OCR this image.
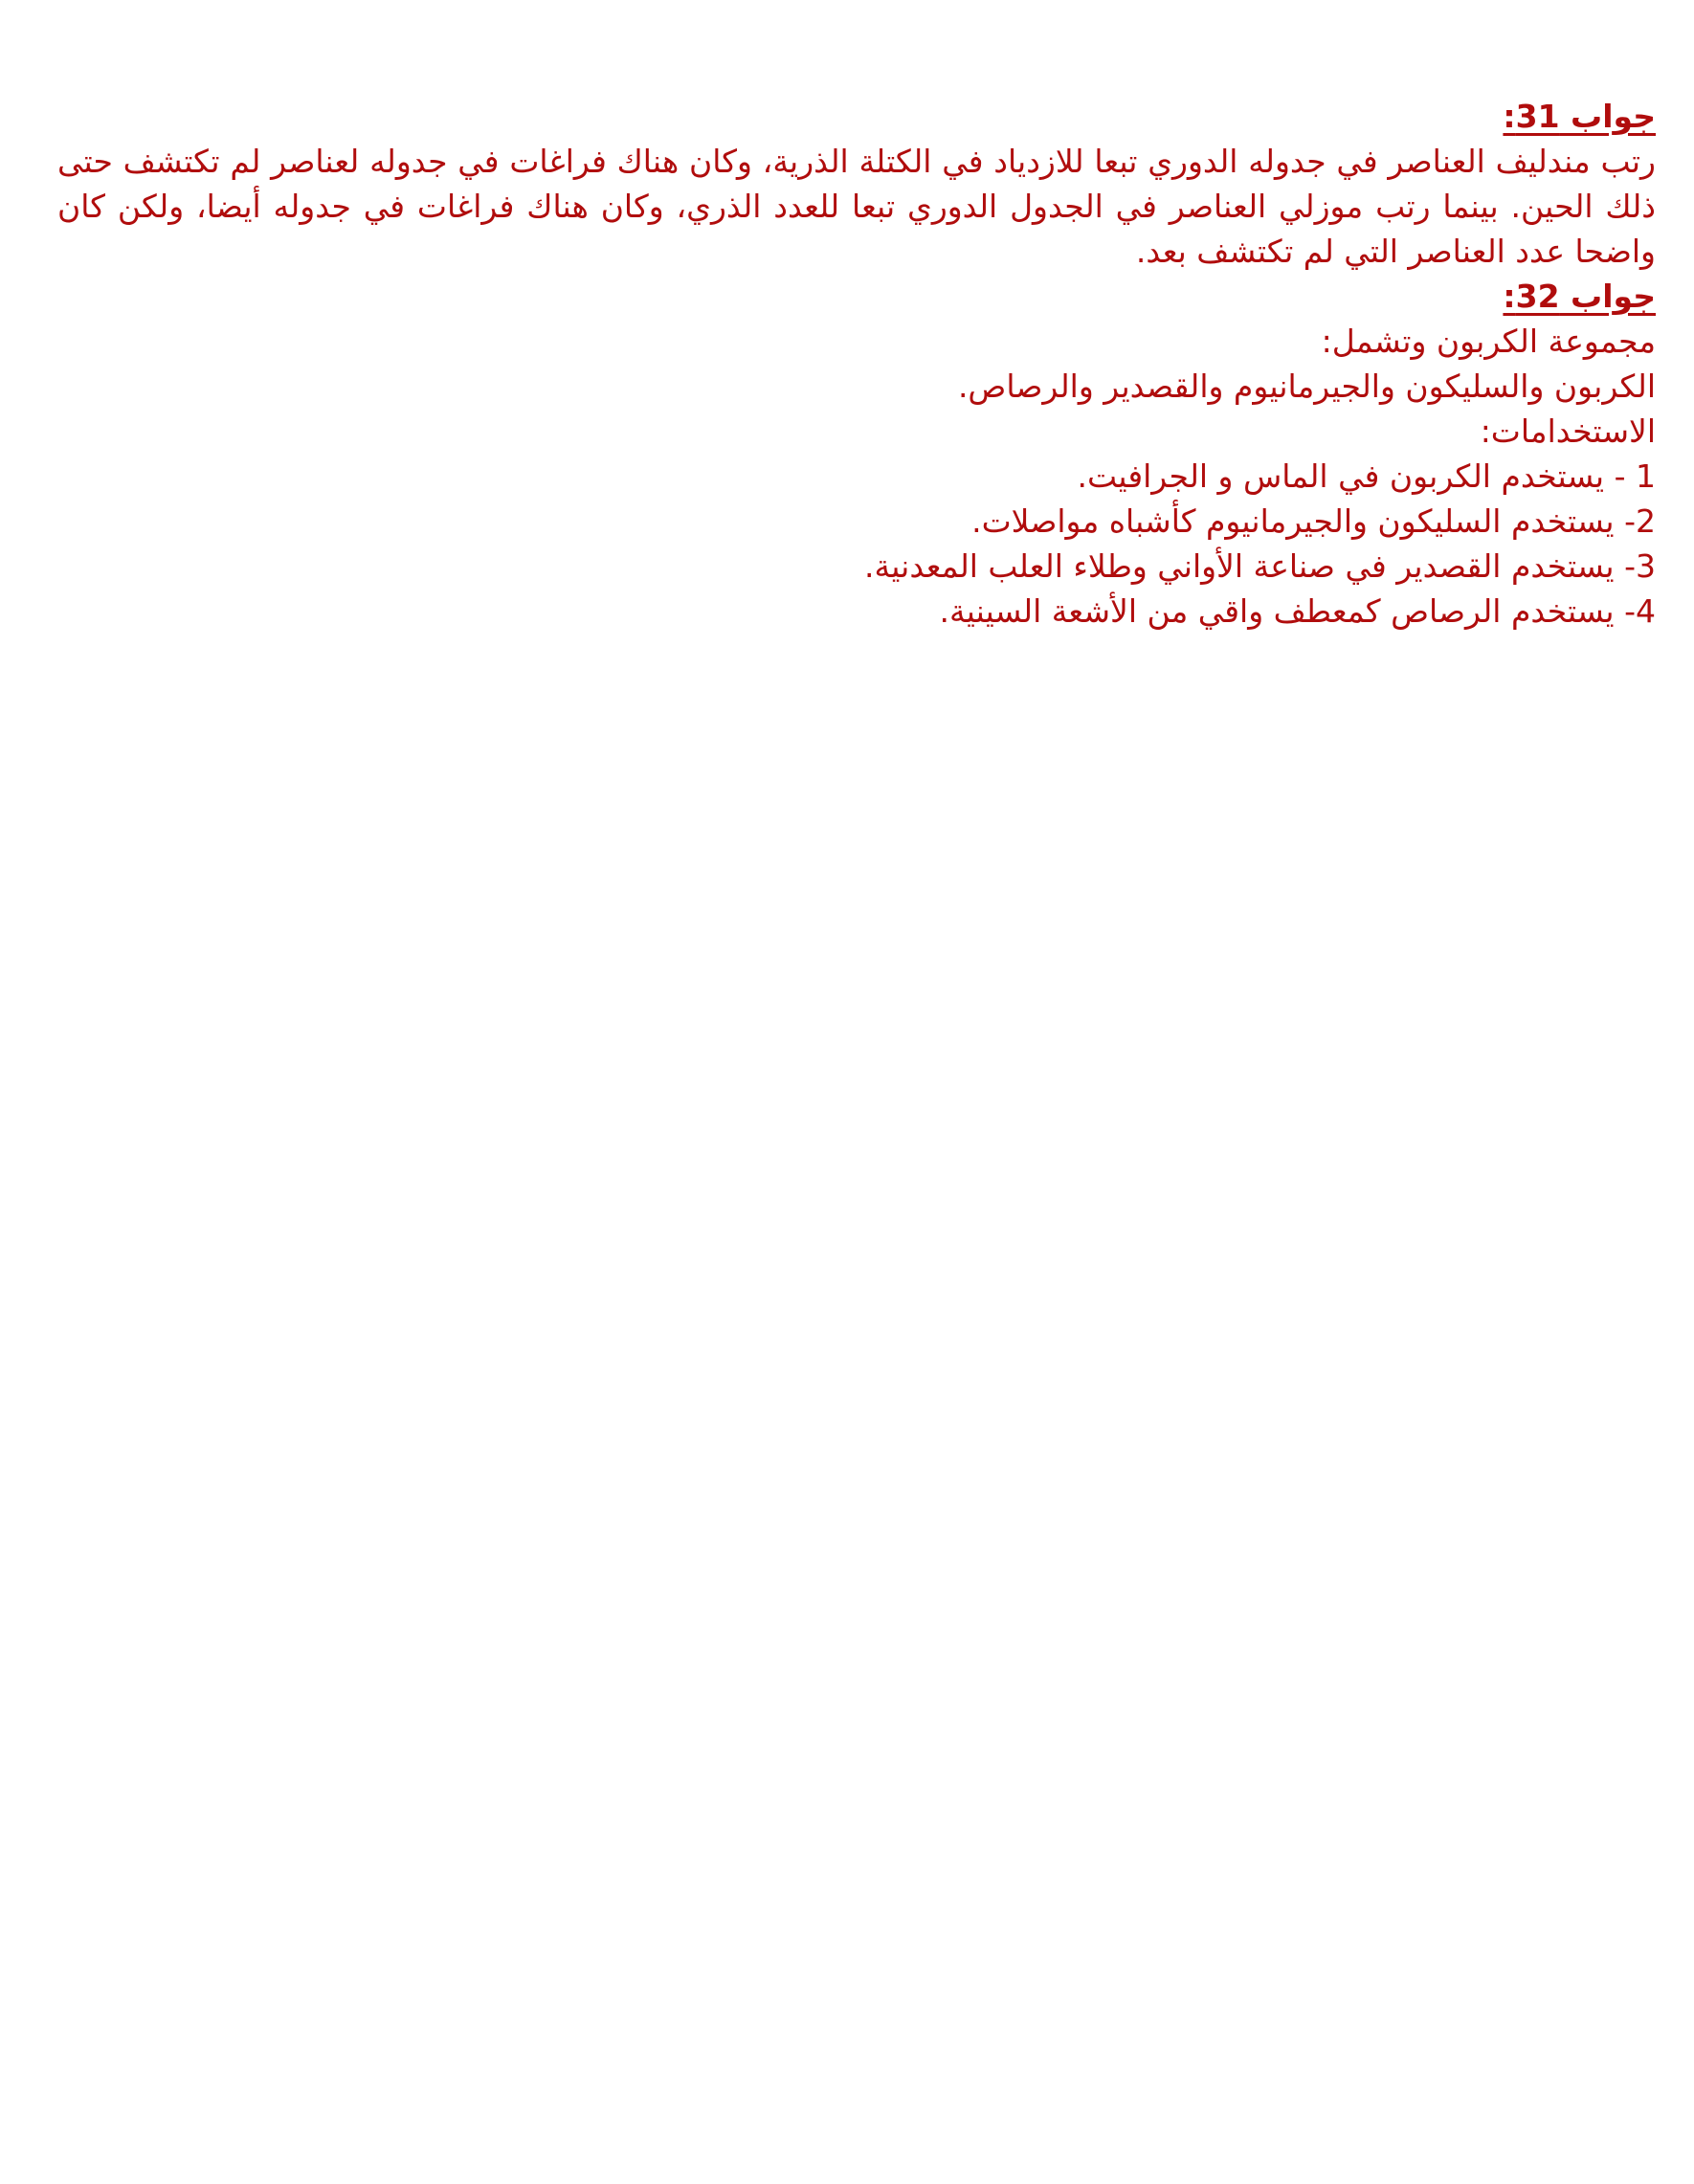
جواب 31:

رتب مندليف العناصر في جدوله الدوري تبعا للازدياد في الكتلة الذرية، وكان هناك فراغات في جدوله لعناصر لم تكتشف حتى ذلك الحين. بينما رتب موزلي العناصر في الجدول الدوري تبعا للعدد الذري، وكان هناك فراغات في جدوله أيضا، ولكن كان واضحا عدد العناصر التي لم تكتشف بعد.

جواب 32:

مجموعة الكربون وتشمل:

الكربون والسليكون والجيرمانيوم والقصدير والرصاص.

الاستخدامات:

1 - يستخدم الكربون في الماس و الجرافيت.

2- يستخدم السليكون والجيرمانيوم كأشباه مواصلات.

3- يستخدم القصدير في صناعة الأواني وطلاء العلب المعدنية.

4- يستخدم الرصاص كمعطف واقي من الأشعة السينية.
